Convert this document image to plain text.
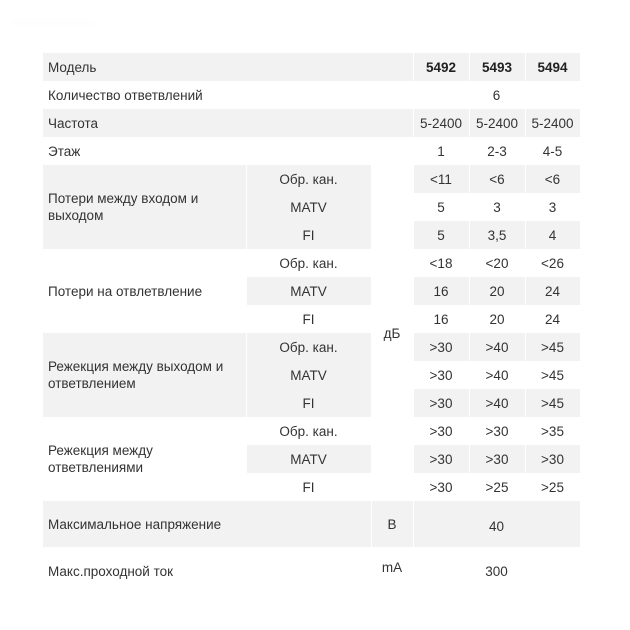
············
Модель			5492	5493	5494
Количество ответвлений			6		
Частота			5-2400	5-2400	5-2400
Этаж			1	2-3	4-5
Потери между входом и выходом	Обр. кан.	дБ	<11	<6	<6
	MATV		5	3	3
	FI		5	3,5	4
Потери на отвлетвление	Обр. кан.		<18	<20	<26
	MATV		16	20	24
	FI		16	20	24
Режекция между выходом и ответвлением	Обр. кан.		>30	>40	>45
	MATV		>30	>40	>45
	FI		>30	>40	>45
Режекция между ответвлениями	Обр. кан.		>30	>30	>35
	MATV		>30	>30	>30
	FI		>30	>25	>25
Максимальное напряжение		В	40		
Макс.проходной ток		mA	300		
